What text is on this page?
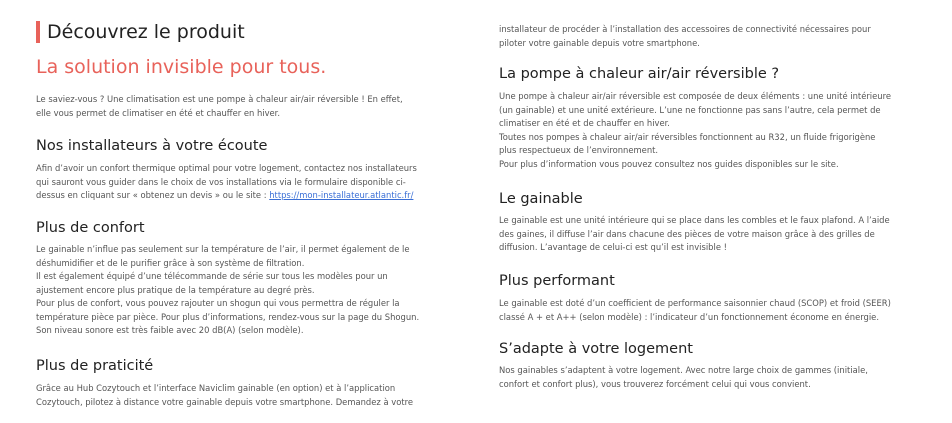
Découvrez le produit
La solution invisible pour tous.
Le saviez-vous ? Une climatisation est une pompe à chaleur air/air réversible ! En effet,
elle vous permet de climatiser en été et chauffer en hiver.
Nos installateurs à votre écoute
Afin d’avoir un confort thermique optimal pour votre logement, contactez nos installateurs
qui sauront vous guider dans le choix de vos installations via le formulaire disponible ci-
dessus en cliquant sur « obtenez un devis » ou le site : https://mon-installateur.atlantic.fr/
Plus de confort
Le gainable n’influe pas seulement sur la température de l’air, il permet également de le
déshumidifier et de le purifier grâce à son système de filtration.
Il est également équipé d’une télécommande de série sur tous les modèles pour un
ajustement encore plus pratique de la température au degré près.
Pour plus de confort, vous pouvez rajouter un shogun qui vous permettra de réguler la
température pièce par pièce. Pour plus d’informations, rendez-vous sur la page du Shogun.
Son niveau sonore est très faible avec 20 dB(A) (selon modèle).
Plus de praticité
Grâce au Hub Cozytouch et l’interface Naviclim gainable (en option) et à l’application
Cozytouch, pilotez à distance votre gainable depuis votre smartphone. Demandez à votre
installateur de procéder à l’installation des accessoires de connectivité nécessaires pour
piloter votre gainable depuis votre smartphone.
La pompe à chaleur air/air réversible ?
Une pompe à chaleur air/air réversible est composée de deux éléments : une unité intérieure
(un gainable) et une unité extérieure. L’une ne fonctionne pas sans l’autre, cela permet de
climatiser en été et de chauffer en hiver.
Toutes nos pompes à chaleur air/air réversibles fonctionnent au R32, un fluide frigorigène
plus respectueux de l’environnement.
Pour plus d’information vous pouvez consultez nos guides disponibles sur le site.
Le gainable
Le gainable est une unité intérieure qui se place dans les combles et le faux plafond. A l’aide
des gaines, il diffuse l’air dans chacune des pièces de votre maison grâce à des grilles de
diffusion. L’avantage de celui-ci est qu’il est invisible !
Plus performant
Le gainable est doté d’un coefficient de performance saisonnier chaud (SCOP) et froid (SEER)
classé A + et A++ (selon modèle) : l’indicateur d’un fonctionnement économe en énergie.
S’adapte à votre logement
Nos gainables s’adaptent à votre logement. Avec notre large choix de gammes (initiale,
confort et confort plus), vous trouverez forcément celui qui vous convient.
